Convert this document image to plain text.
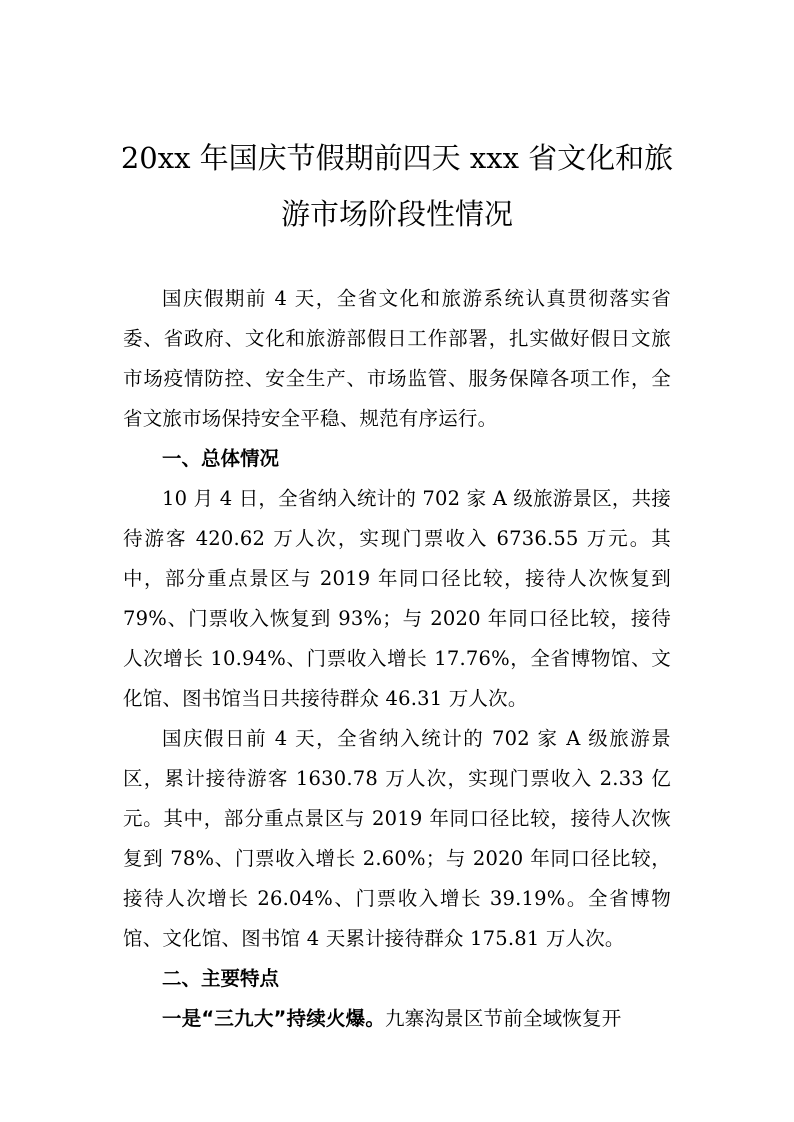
20xx 年国庆节假期前四天 xxx 省文化和旅
游市场阶段性情况

国庆假期前 4 天，全省文化和旅游系统认真贯彻落实省委、省政府、文化和旅游部假日工作部署，扎实做好假日文旅市场疫情防控、安全生产、市场监管、服务保障各项工作，全省文旅市场保持安全平稳、规范有序运行。

一、总体情况

10 月 4 日，全省纳入统计的 702 家 A 级旅游景区，共接待游客 420.62 万人次，实现门票收入 6736.55 万元。其中，部分重点景区与 2019 年同口径比较，接待人次恢复到 79%、门票收入恢复到 93%；与 2020 年同口径比较，接待人次增长 10.94%、门票收入增长 17.76%，全省博物馆、文化馆、图书馆当日共接待群众 46.31 万人次。

国庆假日前 4 天，全省纳入统计的 702 家 A 级旅游景区，累计接待游客 1630.78 万人次，实现门票收入 2.33 亿元。其中，部分重点景区与 2019 年同口径比较，接待人次恢复到 78%、门票收入增长 2.60%；与 2020 年同口径比较，接待人次增长 26.04%、门票收入增长 39.19%。全省博物馆、文化馆、图书馆 4 天累计接待群众 175.81 万人次。

二、主要特点

一是“三九大”持续火爆。九寨沟景区节前全域恢复开
